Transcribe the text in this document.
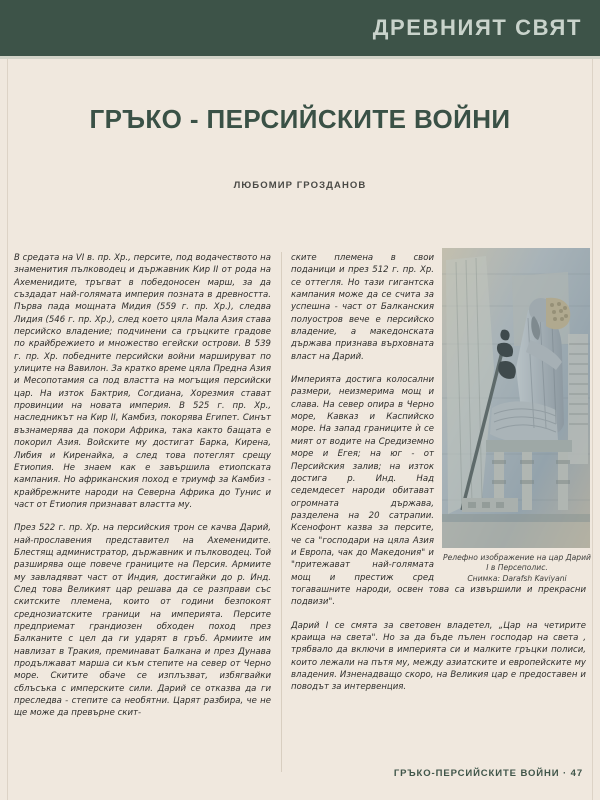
ДРЕВНИЯТ СВЯТ
ГРЪКО - ПЕРСИЙСКИТЕ ВОЙНИ
ЛЮБОМИР ГРОЗДАНОВ

В средата на VI в. пр. Хр., персите, под водачеството на знаменития пълководец и държавник Кир II от рода на Ахеменидите, тръгват в победоносен марш, за да създадат най-голямата империя позната в древността. Първа пада мощната Мидия (559 г. пр. Хр.), следва Лидия (546 г. пр. Хр.), след което цяла Мала Азия става персийско владение; подчинени са гръцките градове по крайбрежието и множество егейски острови. В 539 г. пр. Хр. победните персийски войни маршируват по улиците на Вавилон. За кратко време цяла Предна Азия и Месопотамия са под властта на могъщия персийски цар. На изток Бактрия, Согдиана, Хорезмия стават провинции на новата империя. В 525 г. пр. Хр., наследникът на Кир II, Камбиз, покорява Египет. Синът възнамерява да покори Африка, така както бащата е покорил Азия. Войските му достигат Барка, Кирена, Либия и Киренайка, а след това потеглят срещу Етиопия. Не знаем как е завършила етиопската кампания. Но африканския поход е триумф за Камбиз - крайбрежните народи на Северна Африка до Тунис и част от Етиопия признават властта му.

През 522 г. пр. Хр. на персийския трон се качва Дарий, най-прославения представител на Ахеменидите. Блестящ администратор, държавник и пълководец. Той разширява още повече границите на Персия. Армиите му завладяват част от Индия, достигайки до р. Инд. След това Великият цар решава да се разправи със скитските племена, които от години безпокоят среднозиатските граници на империята. Персите предприемат грандиозен обходен поход през Балканите с цел да ги ударят в гръб. Армиите им навлизат в Тракия, преминават Балкана и през Дунава продължават марша си към степите на север от Черно море. Скитите обаче се изплъзват, избягвайки сблъсъка с имперските сили. Дарий се отказва да ги преследва - степите са необятни. Царят разбира, че не ще може да превърне скит-

ските племена в свои поданици и през 512 г. пр. Хр. се оттегля. Но тази гигантска кампания може да се счита за успешна - част от Балканския полуостров вече е персийско владение, а македонската държава признава върховната власт на Дарий.

Империята достига колосални размери, неизмерима мощ и слава. На север опира в Черно море, Кавказ и Каспийско море. На запад границите ѝ се мият от водите на Средиземно море и Егея; на юг - от Персийския залив; на изток достига р. Инд. Над седемдесет народи обитават огромната държава, разделена на 20 сатрапии. Ксенофонт казва за персите, че са "господари на цяла Азия и Европа, чак до Македония" и "притежават най-голямата мощ и престиж сред тогавашните народи, освен това са извършили и прекрасни подвизи".

Дарий I се смята за световен владетел, „Цар на четирите краища на света". Но за да бъде пълен господар на света , трябвало да включи в империята си и малките гръцки полиси, които лежали на пътя му, между азиатските и европейските му владения. Изненадващо скоро, на Великия цар е предоставен и поводът за интервенция.

Релефно изображение на цар Дарий I в Персеполис.
Снимка: Darafsh Kaviyani
ГРЪКО-ПЕРСИЙСКИТЕ ВОЙНИ · 47
